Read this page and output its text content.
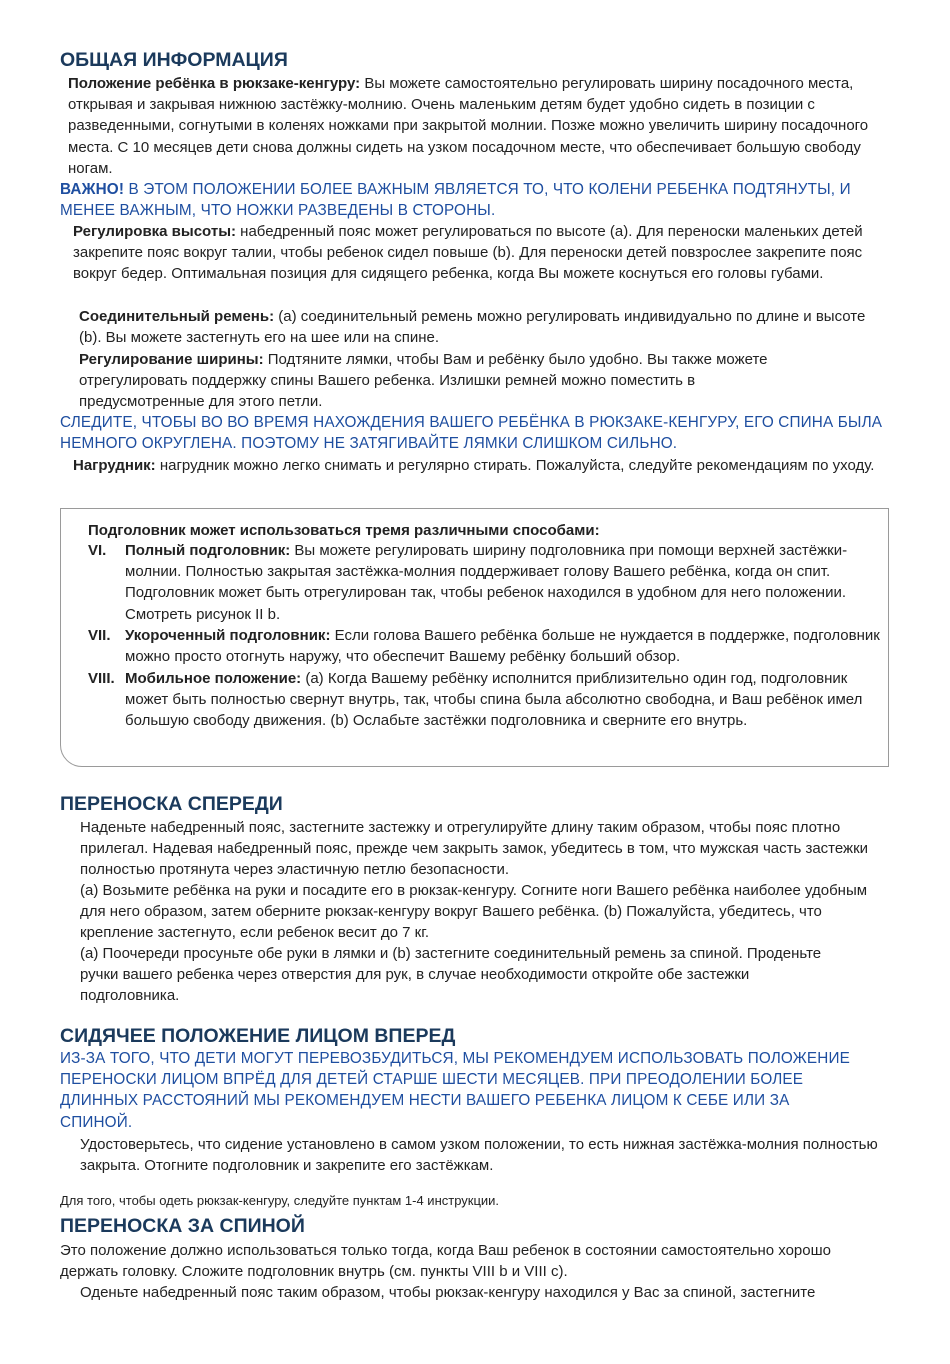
ОБЩАЯ ИНФОРМАЦИЯ

Положение ребёнка в рюкзаке-кенгуру: Вы можете самостоятельно регулировать ширину посадочного места, открывая и закрывая нижнюю застёжку-молнию. Очень маленьким детям будет удобно сидеть в позиции с разведенными, согнутыми в коленях ножками при закрытой молнии. Позже можно увеличить ширину посадочного места. С 10 месяцев дети снова должны сидеть на узком посадочном месте, что обеспечивает большую свободу ногам.

ВАЖНО! В ЭТОМ ПОЛОЖЕНИИ БОЛЕЕ ВАЖНЫМ ЯВЛЯЕТСЯ ТО, ЧТО КОЛЕНИ РЕБЕНКА ПОДТЯНУТЫ, И МЕНЕЕ ВАЖНЫМ, ЧТО НОЖКИ РАЗВЕДЕНЫ В СТОРОНЫ.

Регулировка высоты: набедренный пояс может регулироваться по высоте (a). Для переноски маленьких детей закрепите пояс вокруг талии, чтобы ребенок сидел повыше (b). Для переноски детей повзрослее закрепите пояс вокруг бедер. Оптимальная позиция для сидящего ребенка, когда Вы можете коснуться его головы губами.

Соединительный ремень: (a) соединительный ремень можно регулировать индивидуально по длине и высоте (b). Вы можете застегнуть его на шее или на спине.

Регулирование ширины: Подтяните лямки, чтобы Вам и ребёнку было удобно. Вы также можете отрегулировать поддержку спины Вашего ребенка. Излишки ремней можно поместить в предусмотренные для этого петли.

СЛЕДИТЕ, ЧТОБЫ ВО ВО ВРЕМЯ НАХОЖДЕНИЯ ВАШЕГО РЕБЁНКА В РЮКЗАКЕ-КЕНГУРУ, ЕГО СПИНА БЫЛА НЕМНОГО ОКРУГЛЕНА. ПОЭТОМУ НЕ ЗАТЯГИВАЙТЕ ЛЯМКИ СЛИШКОМ СИЛЬНО.

Нагрудник: нагрудник можно легко снимать и регулярно стирать. Пожалуйста, следуйте рекомендациям по уходу.

Подголовник может использоваться тремя различными способами:
VI. Полный подголовник: Вы можете регулировать ширину подголовника при помощи верхней застёжки-молнии. Полностью закрытая застёжка-молния поддерживает голову Вашего ребёнка, когда он спит. Подголовник может быть отрегулирован так, чтобы ребенок находился в удобном для него положении. Смотреть рисунок II b.
VII. Укороченный подголовник: Если голова Вашего ребёнка больше не нуждается в поддержке, подголовник можно просто отогнуть наружу, что обеспечит Вашему ребёнку больший обзор.
VIII. Мобильное положение: (a) Когда Вашему ребёнку исполнится приблизительно один год, подголовник может быть полностью свернут внутрь, так, чтобы спина была абсолютно свободна, и Ваш ребёнок имел большую свободу движения. (b) Ослабьте застёжки подголовника и сверните его внутрь.
ПЕРЕНОСКА СПЕРЕДИ

Наденьте набедренный пояс, застегните застежку и отрегулируйте длину таким образом, чтобы пояс плотно прилегал. Надевая набедренный пояс, прежде чем закрыть замок, убедитесь в том, что мужская часть застежки полностью протянута через эластичную петлю безопасности.

(a) Возьмите ребёнка на руки и посадите его в рюкзак-кенгуру. Согните ноги Вашего ребёнка наиболее удобным для него образом, затем оберните рюкзак-кенгуру вокруг Вашего ребёнка. (b) Пожалуйста, убедитесь, что крепление застегнуто, если ребенок весит до 7 кг.

(a) Поочереди просуньте обе руки в лямки и (b) застегните соединительный ремень за спиной. Проденьте ручки вашего ребенка через отверстия для рук, в случае необходимости откройте обе застежки подголовника.

СИДЯЧЕЕ ПОЛОЖЕНИЕ ЛИЦОМ ВПЕРЕД

ИЗ-ЗА ТОГО, ЧТО ДЕТИ МОГУТ ПЕРЕВОЗБУДИТЬСЯ, МЫ РЕКОМЕНДУЕМ ИСПОЛЬЗОВАТЬ ПОЛОЖЕНИЕ ПЕРЕНОСКИ ЛИЦОМ ВПРЁД ДЛЯ ДЕТЕЙ СТАРШЕ ШЕСТИ МЕСЯЦЕВ. ПРИ ПРЕОДОЛЕНИИ БОЛЕЕ ДЛИННЫХ РАССТОЯНИЙ МЫ РЕКОМЕНДУЕМ НЕСТИ ВАШЕГО РЕБЕНКА ЛИЦОМ К СЕБЕ ИЛИ ЗА СПИНОЙ.

Удостоверьтесь, что сидение установлено в самом узком положении, то есть нижная застёжка-молния полностью закрыта. Отогните подголовник и закрепите его застёжкам.

Для того, чтобы одеть рюкзак-кенгуру, следуйте пунктам 1-4 инструкции.

ПЕРЕНОСКА ЗА СПИНОЙ

Это положение должно использоваться только тогда, когда Ваш ребенок в состоянии самостоятельно хорошо держать головку. Сложите подголовник внутрь (см. пункты VIII b и VIII c).

Оденьте набедренный пояс таким образом, чтобы рюкзак-кенгуру находился у Вас за спиной, застегните
